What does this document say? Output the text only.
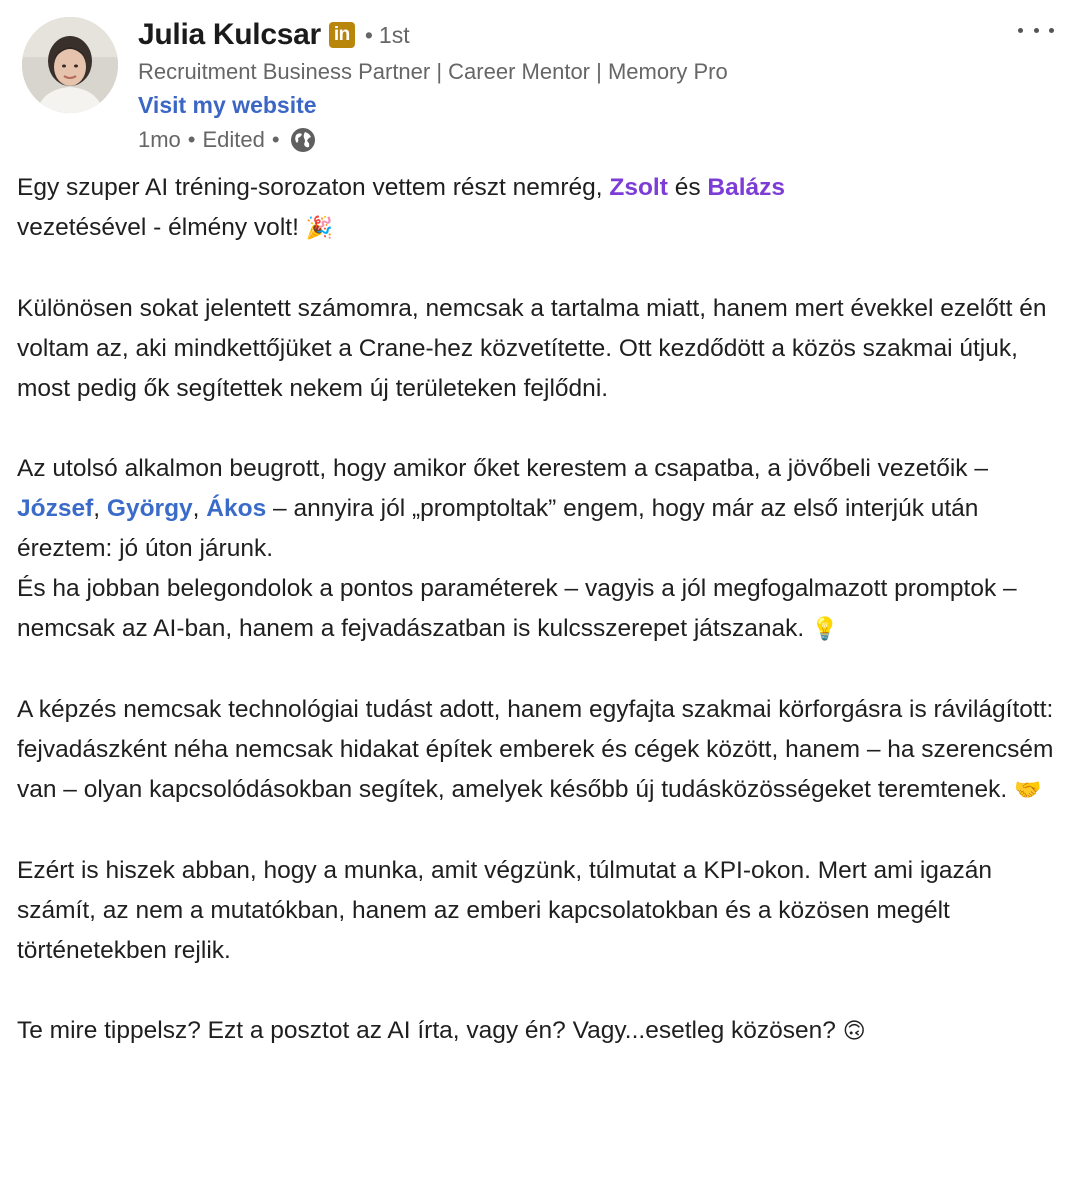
Julia Kulcsar in • 1st
Recruitment Business Partner | Career Mentor | Memory Pro
Visit my website
1mo • Edited •

Egy szuper AI tréning-sorozaton vettem részt nemrég, Zsolt és Balázs
vezetésével - élmény volt! 🎉

Különösen sokat jelentett számomra, nemcsak a tartalma miatt, hanem mert évekkel ezelőtt én voltam az, aki mindkettőjüket a Crane-hez közvetítette. Ott kezdődött a közös szakmai útjuk, most pedig ők segítettek nekem új területeken fejlődni.

Az utolsó alkalmon beugrott, hogy amikor őket kerestem a csapatba, a jövőbeli vezetőik – József, György, Ákos – annyira jól „promptoltak” engem, hogy már az első interjúk után éreztem: jó úton járunk.
És ha jobban belegondolok a pontos paraméterek – vagyis a jól megfogalmazott promptok – nemcsak az AI-ban, hanem a fejvadászatban is kulcsszerepet játszanak. 💡

A képzés nemcsak technológiai tudást adott, hanem egyfajta szakmai körforgásra is rávilágított: fejvadászként néha nemcsak hidakat építek emberek és cégek között, hanem – ha szerencsém van – olyan kapcsolódásokban segítek, amelyek később új tudásközösségeket teremtenek. 🤝

Ezért is hiszek abban, hogy a munka, amit végzünk, túlmutat a KPI-okon. Mert ami igazán számít, az nem a mutatókban, hanem az emberi kapcsolatokban és a közösen megélt történetekben rejlik.

Te mire tippelsz? Ezt a posztot az AI írta, vagy én? Vagy...esetleg közösen? 🙃
